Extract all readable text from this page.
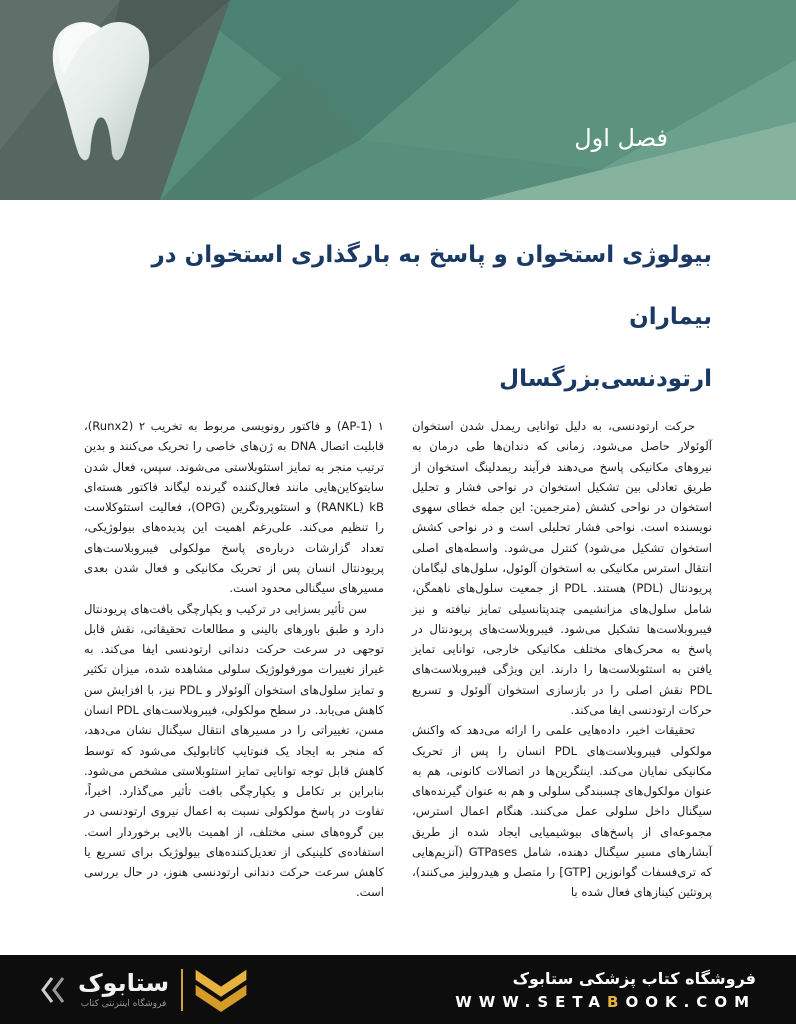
فصل اول
بیولوژی استخوان و پاسخ به بارگذاری استخوان در بیماران
ارتودنسی‌بزرگسال

حرکت ارتودنسی، به دلیل توانایی ریمدل شدن استخوان آلوئولار حاصل می‌شود. زمانی که دندان‌ها طی درمان به نیروهای مکانیکی پاسخ می‌دهند فرآیند ریمدلینگ استخوان از طریق تعادلی بین تشکیل استخوان در نواحی فشار و تحلیل استخوان در نواحی کشش (مترجمین: این جمله خطای سهوی نویسنده است. نواحی فشار تحلیلی است و در نواحی کشش استخوان تشکیل می‌شود) کنترل می‌شود. واسطه‌های اصلی انتقال استرس مکانیکی به استخوان آلوئول، سلول‌های لیگامان پریودنتال (PDL) هستند. PDL از جمعیت سلول‌های ناهمگن، شامل سلول‌های مزانشیمی چندپتانسیلی تمایز نیافته و نیز فیبروبلاست‌ها تشکیل می‌شود. فیبروبلاست‌های پریودنتال در پاسخ به محرک‌های مختلف مکانیکی خارجی، توانایی تمایز یافتن به استئوبلاست‌ها را دارند. این ویژگی فیبروبلاست‌های PDL نقش اصلی را در بازسازی استخوان آلوئول و تسریع حرکات ارتودنسی ایفا می‌کند.

تحقیقات اخیر، داده‌هایی علمی را ارائه می‌دهد که واکنش مولکولی فیبروبلاست‌های PDL انسان را پس از تحریک مکانیکی نمایان می‌کند. اینتگرین‌ها در اتصالات کانونی، هم به عنوان مولکول‌های چسبندگی سلولی و هم به عنوان گیرنده‌های سیگنال داخل سلولی عمل می‌کنند. هنگام اعمال استرس، مجموعه‌ای از پاسخ‌های بیوشیمیایی ایجاد شده از طریق آبشارهای مسیر سیگنال دهنده، شامل GTPases (آنزیم‌هایی که تری‌فسفات گوانوزین [GTP] را متصل و هیدرولیز می‌کنند)، پروتئین کینازهای فعال شده با

۱ (AP-1) و فاکتور رونویسی مربوط به تخریب ۲ (Runx2)، قابلیت اتصال DNA به ژن‌های خاصی را تحریک می‌کنند و بدین ترتیب منجر به تمایز استئوبلاستی می‌شوند. سپس، فعال شدن سایتوکاین‌هایی مانند فعال‌کننده گیرنده لیگاند فاکتور هسته‌ای RANKL) kB) و استئوپروتگرین (OPG)، فعالیت استئوکلاست را تنظیم می‌کند. علی‌رغم اهمیت این پدیده‌های بیولوژیکی، تعداد گزارشات درباره‌ی پاسخ مولکولی فیبروبلاست‌های پریودنتال انسان پس از تحریک مکانیکی و فعال شدن بعدی مسیرهای سیگنالی محدود است.

سن تأثیر بسزایی در ترکیب و یکپارچگی بافت‌های پریودنتال دارد و طبق باورهای بالینی و مطالعات تحقیقاتی، نقش قابل توجهی در سرعت حرکت دندانی ارتودنسی ایفا می‌کند. به غیراز تغییرات مورفولوژیک سلولی مشاهده شده، میزان تکثیر و تمایز سلول‌های استخوان آلوئولار و PDL نیز، با افزایش سن کاهش می‌یابد. در سطح مولکولی، فیبروبلاست‌های PDL انسان مسن، تغییراتی را در مسیرهای انتقال سیگنال نشان می‌دهد، که منجر به ایجاد یک فنوتایپ کاتابولیک می‌شود که توسط کاهش قابل توجه توانایی تمایز استئوبلاستی مشخص می‌شود. بنابراین بر تکامل و یکپارچگی بافت تأثیر می‌گذارد. اخیراً، تفاوت در پاسخ مولکولی نسبت به اعمال نیروی ارتودنسی در بین گروه‌های سنی مختلف، از اهمیت بالایی برخوردار است. استفاده‌ی کلینیکی از تعدیل‌کننده‌های بیولوژیک برای تسریع یا کاهش سرعت حرکت دندانی ارتودنسی هنوز، در حال بررسی است.

ستابوک
فروشگاه اینترنتی کتاب
فروشگاه کتاب پزشکی ستابوک
WWW.SETABOOK.COM
